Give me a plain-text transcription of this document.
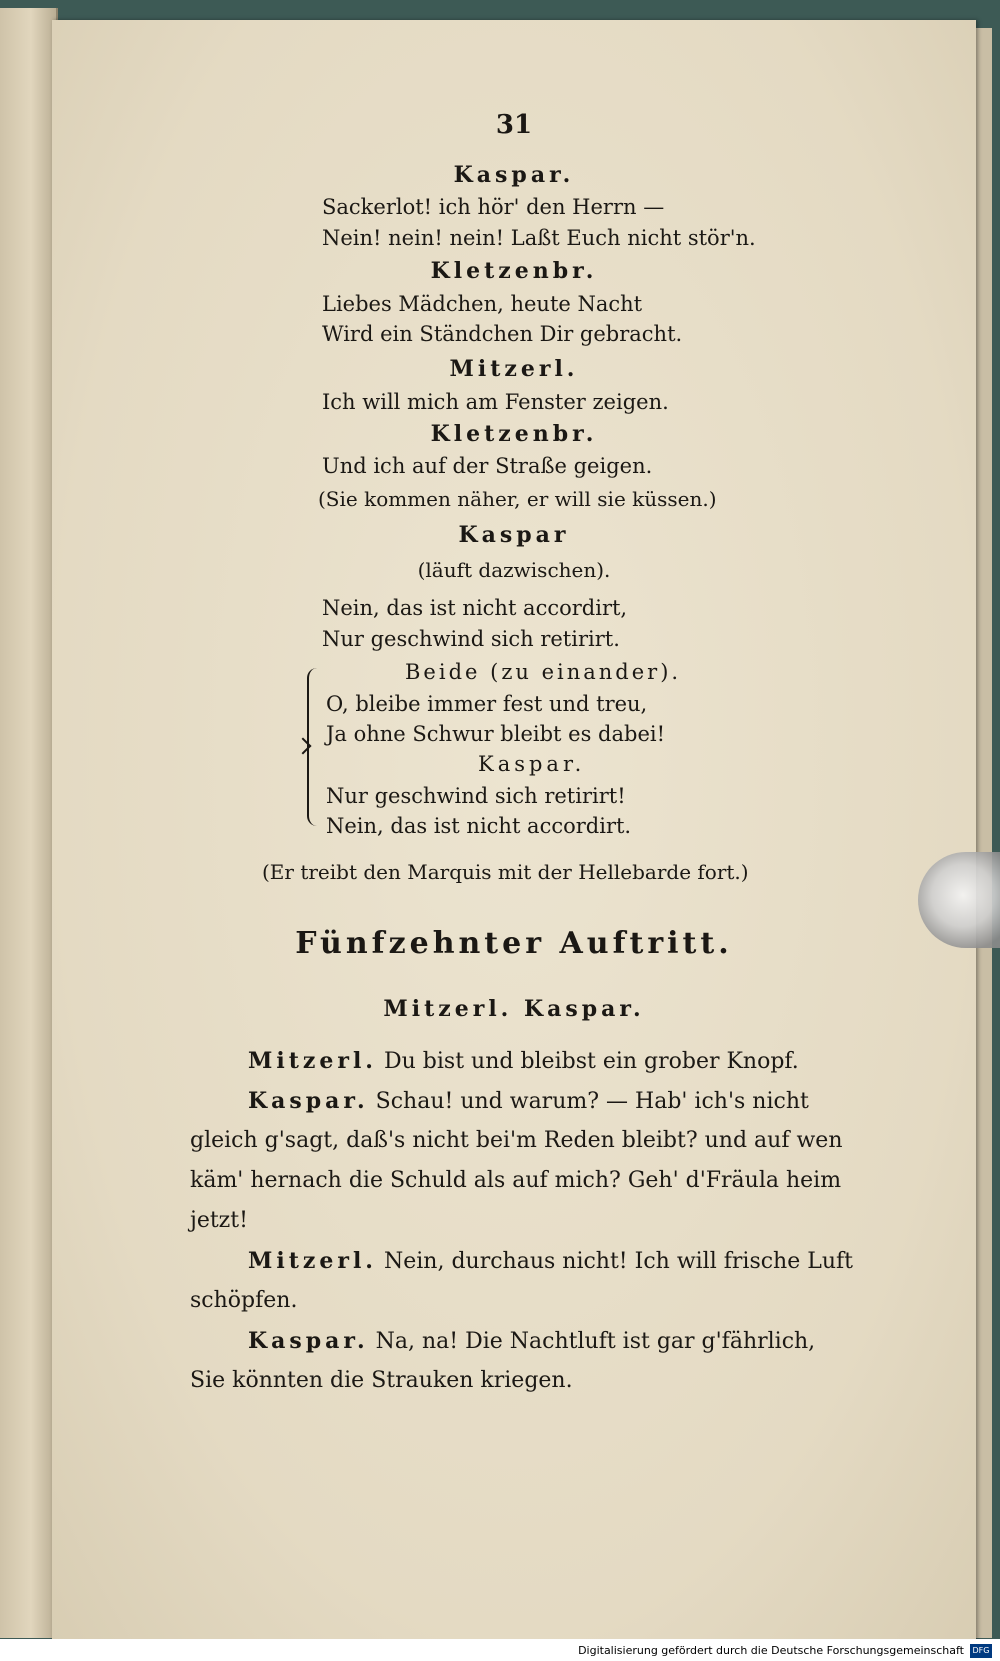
31
Kaspar.
Sackerlot! ich hör' den Herrn —
Nein! nein! nein! Laßt Euch nicht stör'n.
Kletzenbr.
Liebes Mädchen, heute Nacht
Wird ein Ständchen Dir gebracht.
Mitzerl.
Ich will mich am Fenster zeigen.
Kletzenbr.
Und ich auf der Straße geigen.
(Sie kommen näher, er will sie küssen.)
Kaspar
(läuft dazwischen).
Nein, das ist nicht accordirt,
Nur geschwind sich retirirt.
Beide (zu einander).
O, bleibe immer fest und treu,
Ja ohne Schwur bleibt es dabei!
Kaspar.
Nur geschwind sich retirirt!
Nein, das ist nicht accordirt.
(Er treibt den Marquis mit der Hellebarde fort.)
Fünfzehnter Auftritt.
Mitzerl. Kaspar.
Mitzerl. Du bist und bleibst ein grober Knopf.
Kaspar. Schau! und warum? — Hab' ich's nicht
gleich g'sagt, daß's nicht bei'm Reden bleibt? und auf wen
käm' hernach die Schuld als auf mich? Geh' d'Fräula heim
jetzt!
Mitzerl. Nein, durchaus nicht! Ich will frische Luft
schöpfen.
Kaspar. Na, na! Die Nachtluft ist gar g'fährlich,
Sie könnten die Strauken kriegen.
Digitalisierung gefördert durch die Deutsche Forschungsgemeinschaft	DFG
